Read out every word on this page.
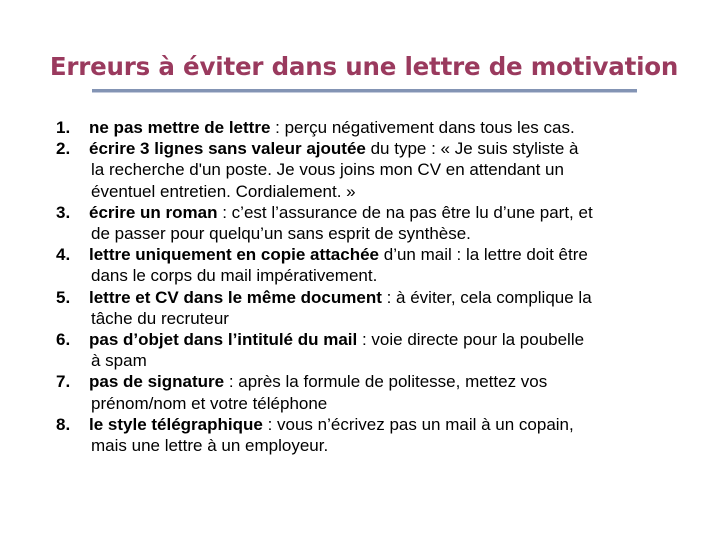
Erreurs à éviter dans une lettre de motivation
1. ne pas mettre de lettre : perçu négativement dans tous les cas.
2. écrire 3 lignes sans valeur ajoutée du type : « Je suis styliste à
la recherche d'un poste. Je vous joins mon CV en attendant un
éventuel entretien. Cordialement. »
3. écrire un roman : c’est l’assurance de na pas être lu d’une part, et
de passer pour quelqu’un sans esprit de synthèse.
4. lettre uniquement en copie attachée d’un mail : la lettre doit être
dans le corps du mail impérativement.
5. lettre et CV dans le même document : à éviter, cela complique la
tâche du recruteur
6. pas d’objet dans l’intitulé du mail : voie directe pour la poubelle
à spam
7. pas de signature : après la formule de politesse, mettez vos
prénom/nom et votre téléphone
8. le style télégraphique : vous n’écrivez pas un mail à un copain,
mais une lettre à un employeur.
